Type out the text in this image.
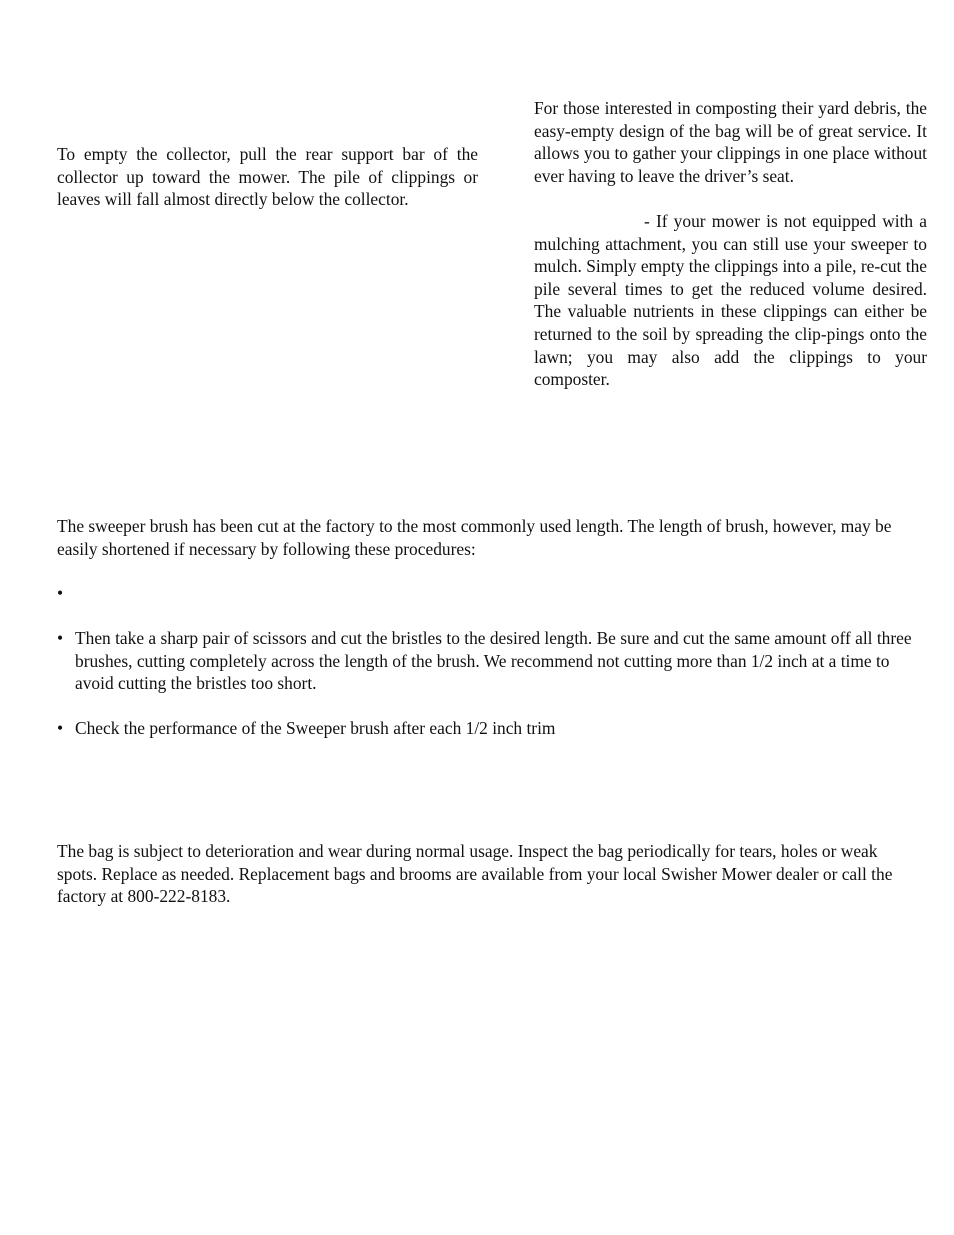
To empty the collector, pull the rear support bar of the collector up toward the mower. The pile of clippings or leaves will fall almost directly below the collector.

For those interested in composting their yard debris, the easy-empty design of the bag will be of great service. It allows you to gather your clippings in one place without ever having to leave the driver’s seat.

- If your mower is not equipped with a mulching attachment, you can still use your sweeper to mulch. Simply empty the clippings into a pile, re-cut the pile several times to get the reduced volume desired. The valuable nutrients in these clippings can either be returned to the soil by spreading the clip-pings onto the lawn; you may also add the clippings to your composter.

The sweeper brush has been cut at the factory to the most commonly used length. The length of brush, however, may be easily shortened if necessary by following these procedures:

•
• Then take a sharp pair of scissors and cut the bristles to the desired length. Be sure and cut the same amount off all three brushes, cutting completely across the length of the brush. We recommend not cutting more than 1/2 inch at a time to avoid cutting the bristles too short.
• Check the performance of the Sweeper brush after each 1/2 inch trim

The bag is subject to deterioration and wear during normal usage. Inspect the bag periodically for tears, holes or weak spots. Replace as needed. Replacement bags and brooms are available from your local Swisher Mower dealer or call the factory at 800-222-8183.
